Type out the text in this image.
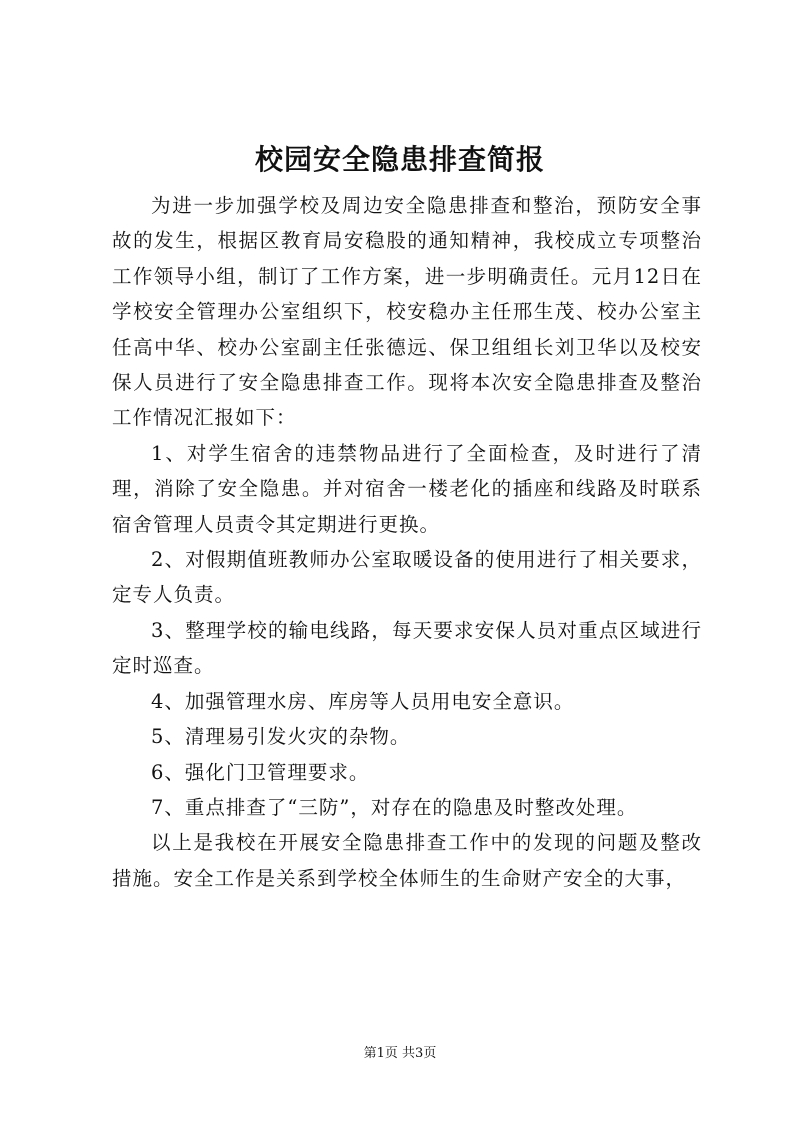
校园安全隐患排查简报

为进一步加强学校及周边安全隐患排查和整治，预防安全事故的发生，根据区教育局安稳股的通知精神，我校成立专项整治工作领导小组，制订了工作方案，进一步明确责任。元月12日在学校安全管理办公室组织下，校安稳办主任邢生茂、校办公室主任高中华、校办公室副主任张德远、保卫组组长刘卫华以及校安保人员进行了安全隐患排查工作。现将本次安全隐患排查及整治工作情况汇报如下：

1、对学生宿舍的违禁物品进行了全面检查，及时进行了清理，消除了安全隐患。并对宿舍一楼老化的插座和线路及时联系宿舍管理人员责令其定期进行更换。

2、对假期值班教师办公室取暖设备的使用进行了相关要求，定专人负责。

3、整理学校的输电线路，每天要求安保人员对重点区域进行定时巡查。

4、加强管理水房、库房等人员用电安全意识。

5、清理易引发火灾的杂物。

6、强化门卫管理要求。

7、重点排查了“三防”，对存在的隐患及时整改处理。

以上是我校在开展安全隐患排查工作中的发现的问题及整改措施。安全工作是关系到学校全体师生的生命财产安全的大事，

第1页 共3页
